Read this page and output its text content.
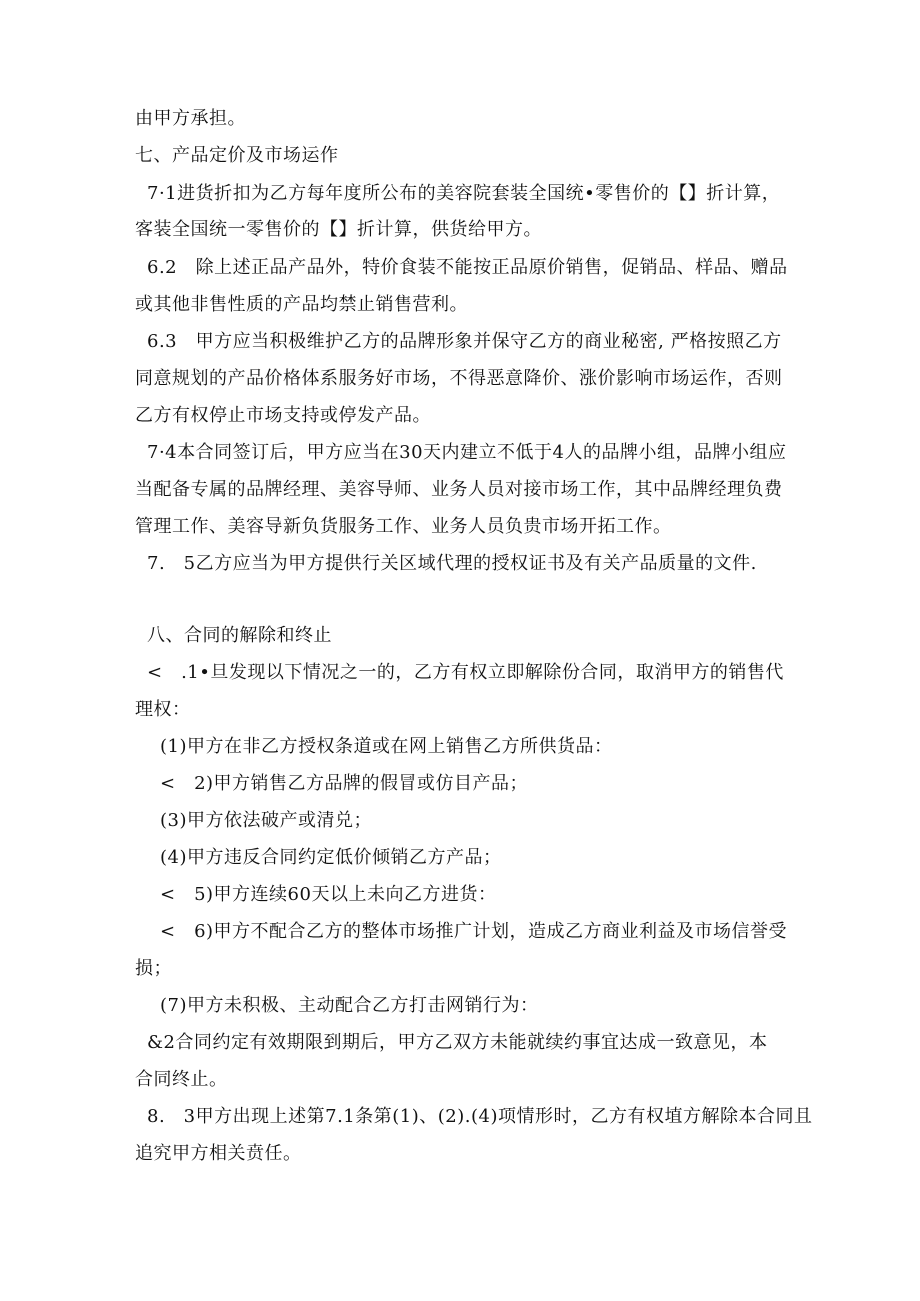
由甲方承担。
七、产品定价及市场运作
7·1进货折扣为乙方每年度所公布的美容院套装全国统•零售价的【】折计算，
客装全国统一零售价的【】折计算，供货给甲方。
6.2　除上述正品产品外，特价食装不能按正品原价销售，促销品、样品、赠品
或其他非售性质的产品均禁止销售营利。
6.3　甲方应当积极维护乙方的品牌形象并保守乙方的商业秘密, 严格按照乙方
同意规划的产品价格体系服务好市场，不得恶意降价、涨价影响市场运作，否则
乙方有权停止市场支持或停发产品。
7·4本合同签订后，甲方应当在30天内建立不低于4人的品牌小组，品牌小组应
当配备专属的品牌经理、美容导师、业务人员对接市场工作，其中品牌经理负费
管理工作、美容导新负货服务工作、业务人员负贵市场开拓工作。
7.　5乙方应当为甲方提供行关区域代理的授权证书及有关产品质量的文件.
八、合同的解除和终止
<　.1•旦发现以下情况之一的，乙方有权立即解除份合同，取消甲方的销售代
理权：
(1)甲方在非乙方授权条道或在网上销售乙方所供货品：
<　2)甲方销售乙方品牌的假冒或仿目产品；
(3)甲方依法破产或清兑；
(4)甲方违反合同约定低价倾销乙方产品；
<　5)甲方连续60天以上未向乙方进货：
<　6)甲方不配合乙方的整体市场推广计划，造成乙方商业利益及市场信誉受
损；
(7)甲方未积极、主动配合乙方打击网销行为：
&2合同约定有效期限到期后，甲方乙双方未能就续约事宜达成一致意见，本
合同终止。
8.　3甲方出现上述第7.1条第(1)、(2).(4)项情形时，乙方有权埴方解除本合同且
追究甲方相关贲任。
